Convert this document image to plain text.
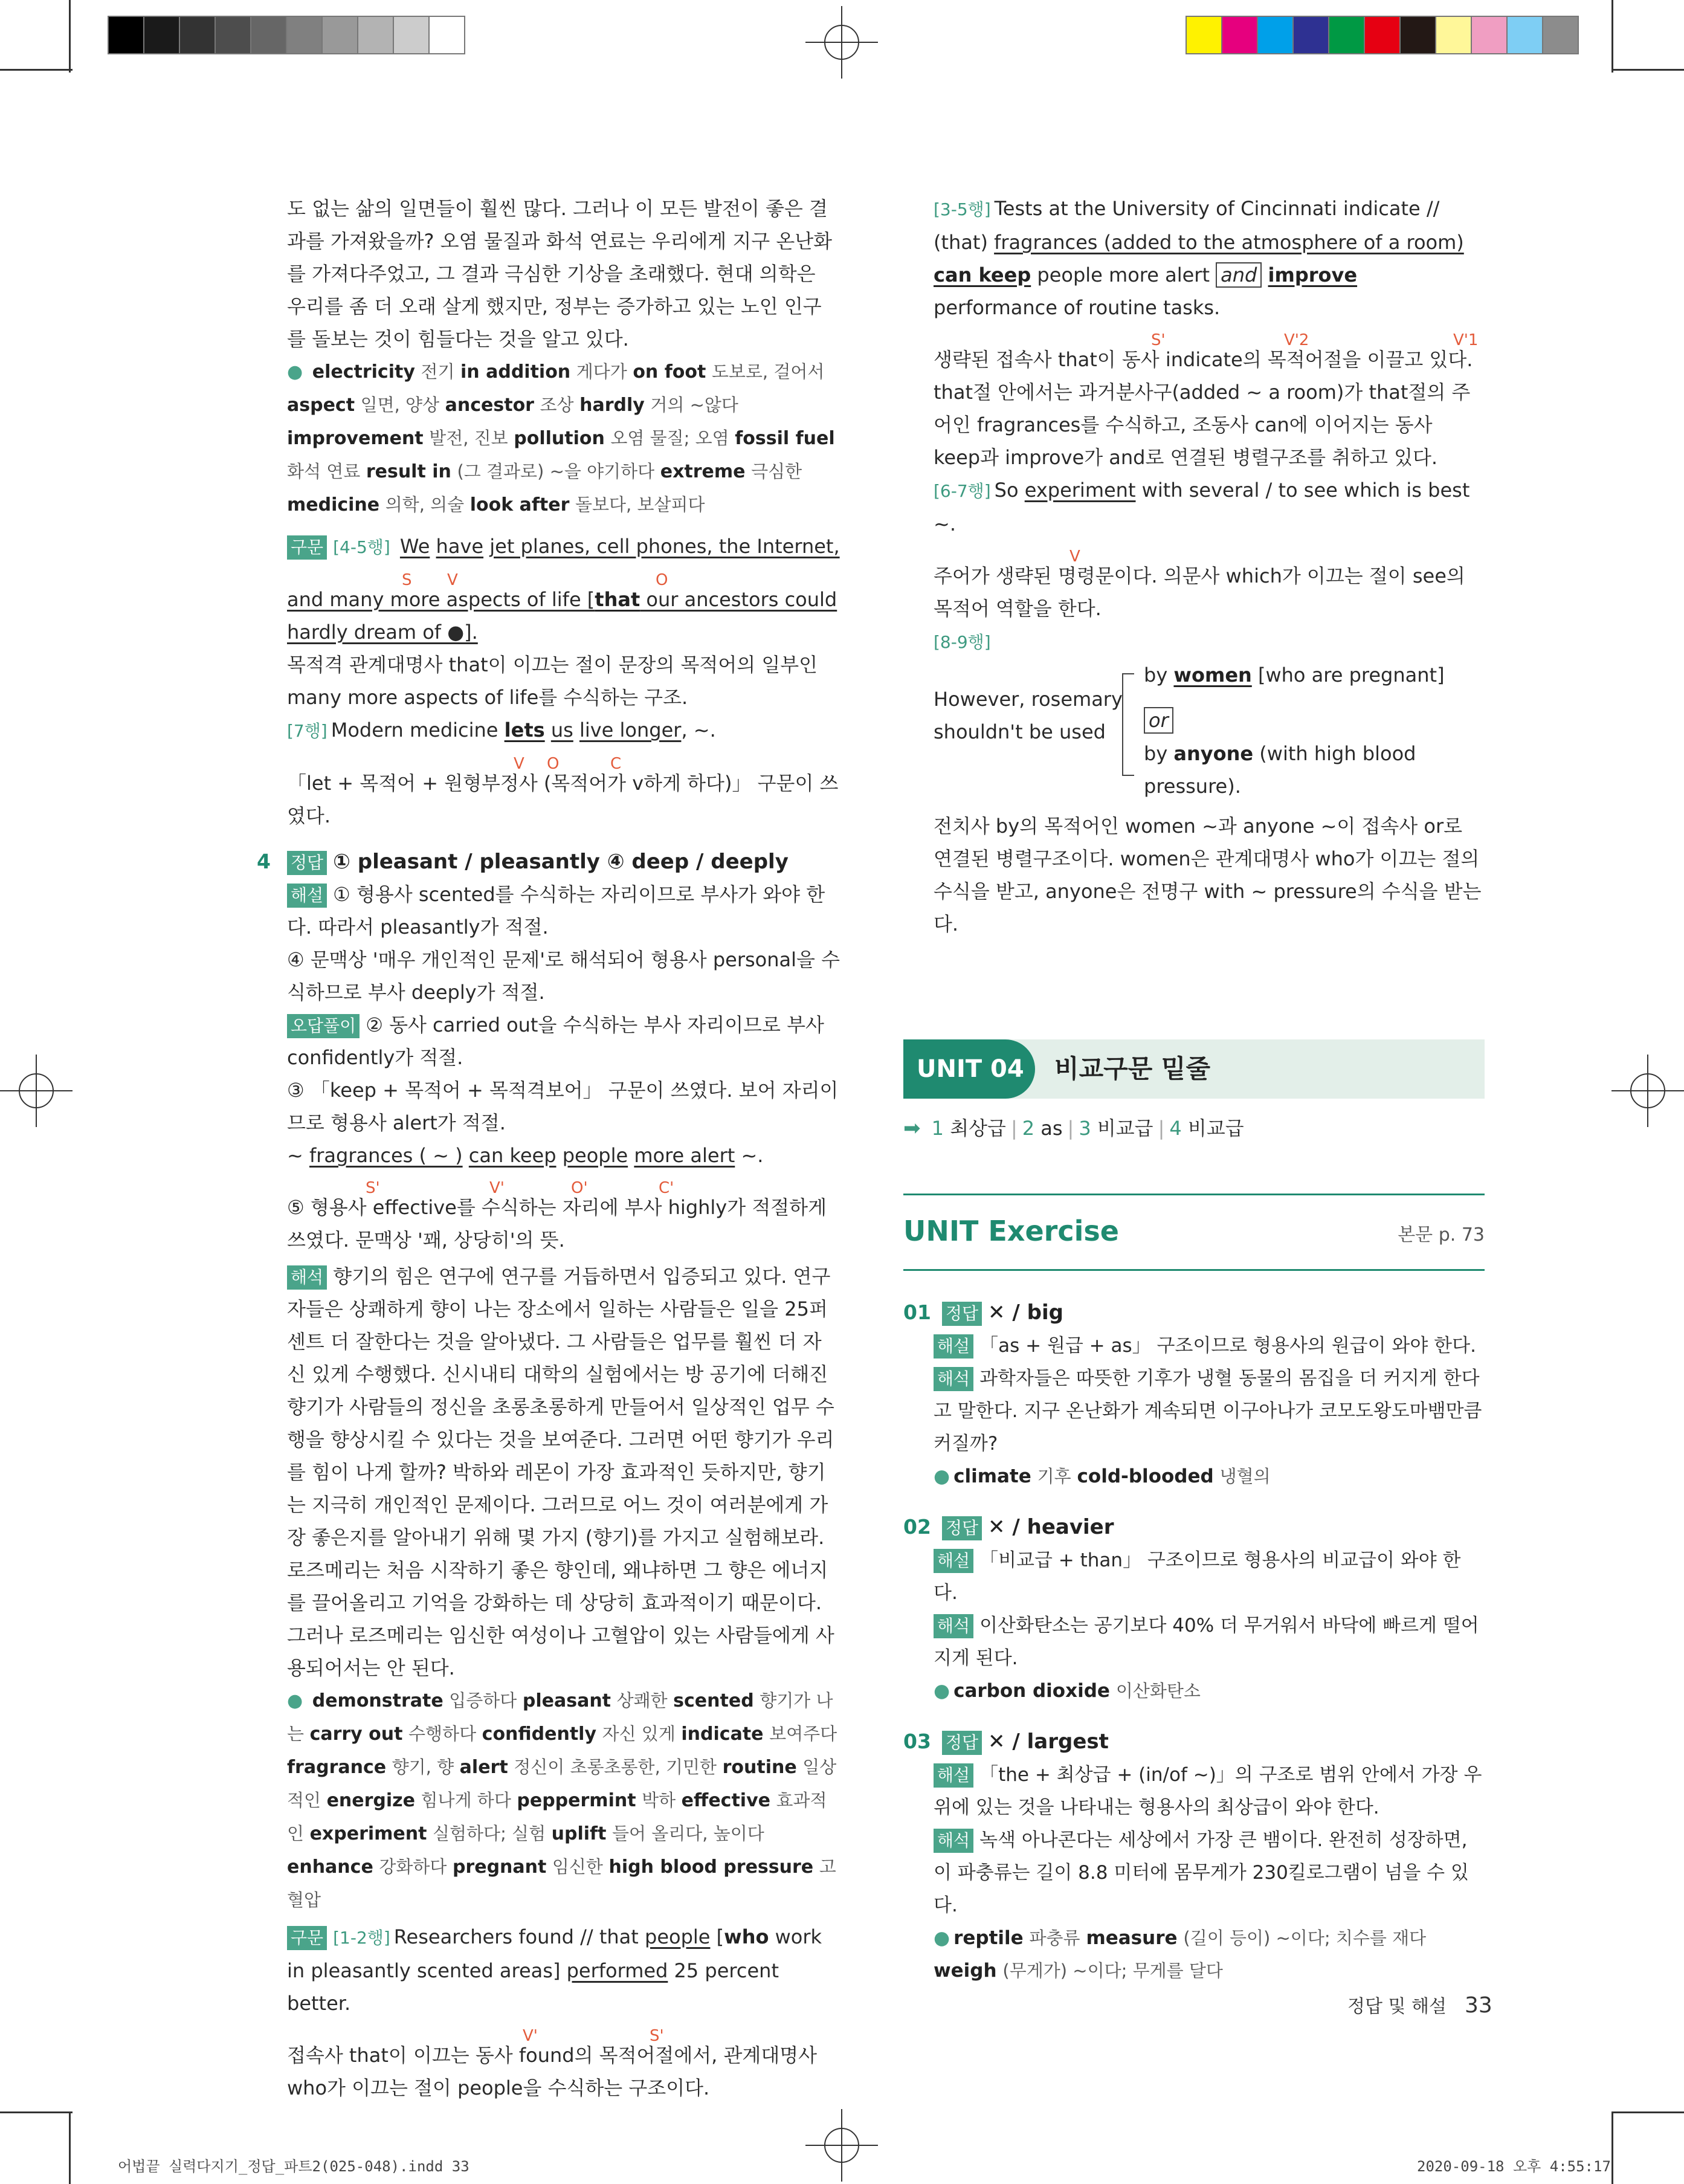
도 없는 삶의 일면들이 훨씬 많다. 그러나 이 모든 발전이 좋은 결과를 가져왔을까? 오염 물질과 화석 연료는 우리에게 지구 온난화를 가져다주었고, 그 결과 극심한 기상을 초래했다. 현대 의학은 우리를 좀 더 오래 살게 했지만, 정부는 증가하고 있는 노인 인구를 돌보는 것이 힘들다는 것을 알고 있다.

● electricity 전기 in addition 게다가 on foot 도보로, 걸어서 aspect 일면, 양상 ancestor 조상 hardly 거의 ~않다 improvement 발전, 진보 pollution 오염 물질; 오염 fossil fuel 화석 연료 result in (그 결과로) ~을 야기하다 extreme 극심한 medicine 의학, 의술 look after 돌보다, 보살피다

구문 [4-5행] We have jet planes, cell phones, the Internet,

S V	O

and many more aspects of life [that our ancestors could hardly dream of ●].

목적격 관계대명사 that이 이끄는 절이 문장의 목적어의 일부인 many more aspects of life를 수식하는 구조.

[7행] Modern medicine lets us live longer, ~.

V O	C

「let + 목적어 + 원형부정사 (목적어가 v하게 하다)」 구문이 쓰였다.

4 정답 ① pleasant / pleasantly ④ deep / deeply

해설 ① 형용사 scented를 수식하는 자리이므로 부사가 와야 한다. 따라서 pleasantly가 적절.

④ 문맥상 '매우 개인적인 문제'로 해석되어 형용사 personal을 수식하므로 부사 deeply가 적절.

오답풀이 ② 동사 carried out을 수식하는 부사 자리이므로 부사 confidently가 적절.

③ 「keep + 목적어 + 목적격보어」 구문이 쓰였다. 보어 자리이므로 형용사 alert가 적절.

~ fragrances ( ~ ) can keep people more alert ~.

S'	V'	O'	C'

⑤ 형용사 effective를 수식하는 자리에 부사 highly가 적절하게 쓰였다. 문맥상 '꽤, 상당히'의 뜻.

해석 향기의 힘은 연구에 연구를 거듭하면서 입증되고 있다. 연구자들은 상쾌하게 향이 나는 장소에서 일하는 사람들은 일을 25퍼센트 더 잘한다는 것을 알아냈다. 그 사람들은 업무를 훨씬 더 자신 있게 수행했다. 신시내티 대학의 실험에서는 방 공기에 더해진 향기가 사람들의 정신을 초롱초롱하게 만들어서 일상적인 업무 수행을 향상시킬 수 있다는 것을 보여준다. 그러면 어떤 향기가 우리를 힘이 나게 할까? 박하와 레몬이 가장 효과적인 듯하지만, 향기는 지극히 개인적인 문제이다. 그러므로 어느 것이 여러분에게 가장 좋은지를 알아내기 위해 몇 가지 (향기)를 가지고 실험해보라. 로즈메리는 처음 시작하기 좋은 향인데, 왜냐하면 그 향은 에너지를 끌어올리고 기억을 강화하는 데 상당히 효과적이기 때문이다. 그러나 로즈메리는 임신한 여성이나 고혈압이 있는 사람들에게 사용되어서는 안 된다.

● demonstrate 입증하다 pleasant 상쾌한 scented 향기가 나는 carry out 수행하다 confidently 자신 있게 indicate 보여주다 fragrance 향기, 향 alert 정신이 초롱초롱한, 기민한 routine 일상적인 energize 힘나게 하다 peppermint 박하 effective 효과적인 experiment 실험하다; 실험 uplift 들어 올리다, 높이다 enhance 강화하다 pregnant 임신한 high blood pressure 고혈압

구문 [1-2행] Researchers found // that people [who work in pleasantly scented areas] performed 25 percent better.

S'
V'

접속사 that이 이끄는 동사 found의 목적어절에서, 관계대명사 who가 이끄는 절이 people을 수식하는 구조이다.

[3-5행] Tests at the University of Cincinnati indicate // (that) fragrances (added to the atmosphere of a room) can keep people more alert and improve performance of routine tasks.

S'	V'2	V'1

생략된 접속사 that이 동사 indicate의 목적어절을 이끌고 있다. that절 안에서는 과거분사구(added ~ a room)가 that절의 주어인 fragrances를 수식하고, 조동사 can에 이어지는 동사 keep과 improve가 and로 연결된 병렬구조를 취하고 있다.

[6-7행] So experiment with several / to see which is best ~.

V

주어가 생략된 명령문이다. 의문사 which가 이끄는 절이 see의 목적어 역할을 한다.

[8-9행]

However, rosemary shouldn't be used
by women [who are pregnant]
or
by anyone (with high blood pressure).

전치사 by의 목적어인 women ~과 anyone ~이 접속사 or로 연결된 병렬구조이다. women은 관계대명사 who가 이끄는 절의 수식을 받고, anyone은 전명구 with ~ pressure의 수식을 받는다.

UNIT 04	비교구문 밑줄
➡ 1 최상급 | 2 as | 3 비교급 | 4 비교급
UNIT Exercise	본문 p. 73

01 정답 ✕ / big

해설 「as + 원급 + as」 구조이므로 형용사의 원급이 와야 한다.

해석 과학자들은 따뜻한 기후가 냉혈 동물의 몸집을 더 커지게 한다고 말한다. 지구 온난화가 계속되면 이구아나가 코모도왕도마뱀만큼 커질까?

● climate 기후 cold-blooded 냉혈의

02 정답 ✕ / heavier

해설 「비교급 + than」 구조이므로 형용사의 비교급이 와야 한다.

해석 이산화탄소는 공기보다 40% 더 무거워서 바닥에 빠르게 떨어지게 된다.

● carbon dioxide 이산화탄소

03 정답 ✕ / largest

해설 「the + 최상급 + (in/of ~)」의 구조로 범위 안에서 가장 우위에 있는 것을 나타내는 형용사의 최상급이 와야 한다.

해석 녹색 아나콘다는 세상에서 가장 큰 뱀이다. 완전히 성장하면, 이 파충류는 길이 8.8 미터에 몸무게가 230킬로그램이 넘을 수 있다.

● reptile 파충류 measure (길이 등이) ~이다; 치수를 재다 weigh (무게가) ~이다; 무게를 달다

정답 및 해설 33
어법끝 실력다지기_정답_파트2(025-048).indd 33	2020-09-18 오후 4:55:17
